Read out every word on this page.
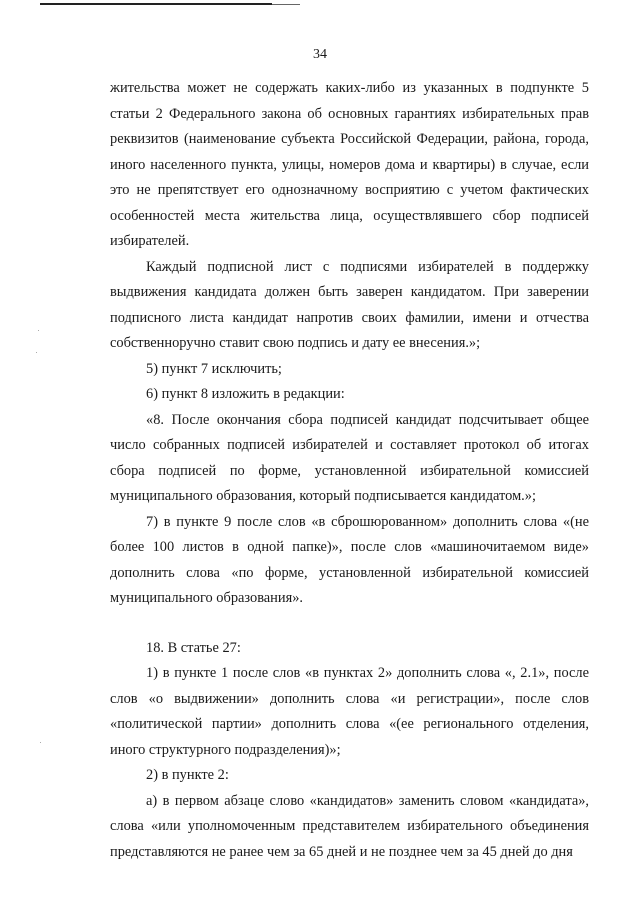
34

жительства может не содержать каких-либо из указанных в подпункте 5 статьи 2 Федерального закона об основных гарантиях избирательных прав реквизитов (наименование субъекта Российской Федерации, района, города, иного населенного пункта, улицы, номеров дома и квартиры) в случае, если это не препятствует его однозначному восприятию с учетом фактических особенностей места жительства лица, осуществлявшего сбор подписей избирателей.

Каждый подписной лист с подписями избирателей в поддержку выдвижения кандидата должен быть заверен кандидатом. При заверении подписного листа кандидат напротив своих фамилии, имени и отчества собственноручно ставит свою подпись и дату ее внесения.»;

5) пункт 7 исключить;

6) пункт 8 изложить в редакции:

«8. После окончания сбора подписей кандидат подсчитывает общее число собранных подписей избирателей и составляет протокол об итогах сбора подписей по форме, установленной избирательной комиссией муниципального образования, который подписывается кандидатом.»;

7) в пункте 9 после слов «в сброшюрованном» дополнить слова «(не более 100 листов в одной папке)», после слов «машиночитаемом виде» дополнить слова «по форме, установленной избирательной комиссией муниципального образования».

18. В статье 27:

1) в пункте 1 после слов «в пунктах 2» дополнить слова «, 2.1», после слов «о выдвижении» дополнить слова «и регистрации», после слов «политической партии» дополнить слова «(ее регионального отделения, иного структурного подразделения)»;

2) в пункте 2:

а) в первом абзаце слово «кандидатов» заменить словом «кандидата», слова «или уполномоченным представителем избирательного объединения представляются не ранее чем за 65 дней и не позднее чем за 45 дней до дня
